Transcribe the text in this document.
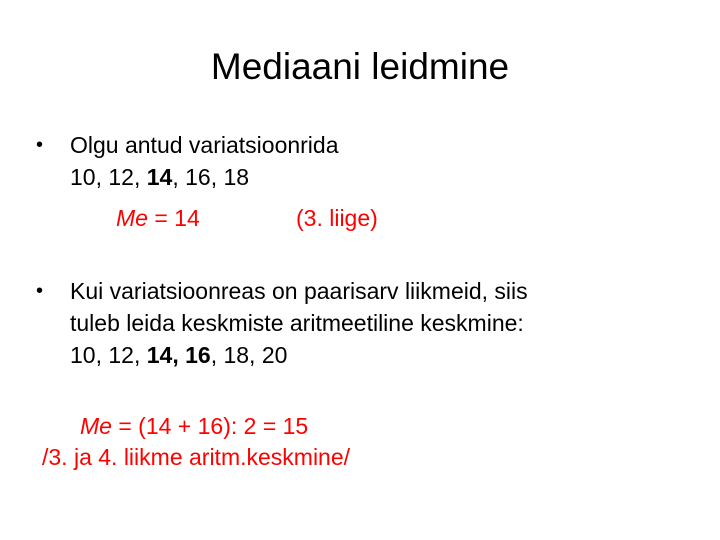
Mediaani leidmine
• Olgu antud variatsioonrida
10, 12, 14, 16, 18
Me = 14	(3. liige)
• Kui variatsioonreas on paarisarv liikmeid, siis
tuleb leida keskmiste aritmeetiline keskmine:
10, 12, 14, 16, 18, 20
Me = (14 + 16): 2 = 15
/3. ja 4. liikme aritm.keskmine/
